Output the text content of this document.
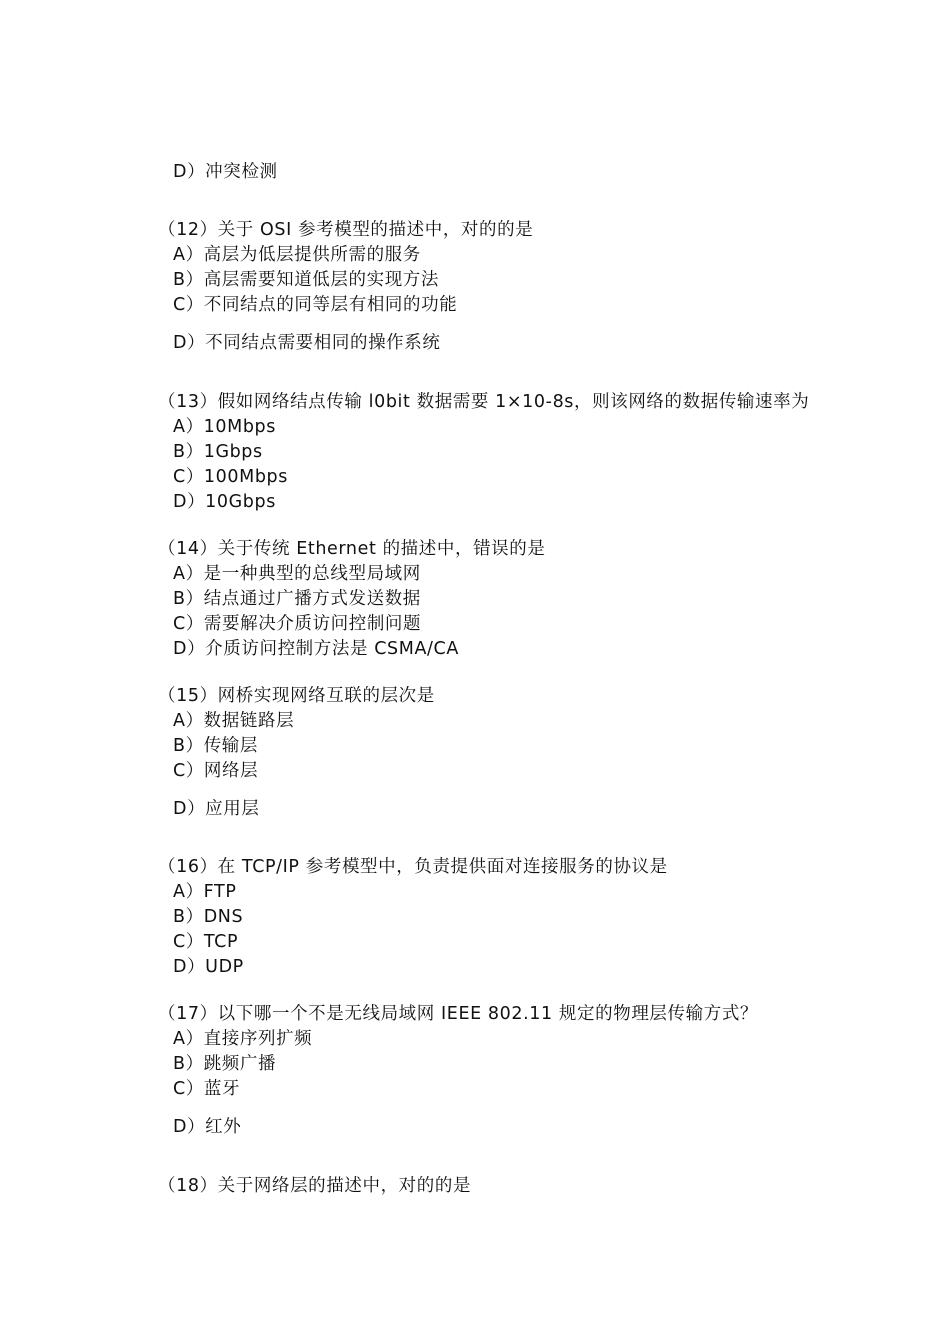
D）冲突检测
（12）关于 OSI 参考模型的描述中，对的的是
A）高层为低层提供所需的服务
B）高层需要知道低层的实现方法
C）不同结点的同等层有相同的功能
D）不同结点需要相同的操作系统
（13）假如网络结点传输 l0bit 数据需要 1×10-8s，则该网络的数据传输速率为
A）10Mbps
B）1Gbps
C）100Mbps
D）10Gbps
（14）关于传统 Ethernet 的描述中，错误的是
A）是一种典型的总线型局域网
B）结点通过广播方式发送数据
C）需要解决介质访问控制问题
D）介质访问控制方法是 CSMA/CA
（15）网桥实现网络互联的层次是
A）数据链路层
B）传输层
C）网络层
D）应用层
（16）在 TCP/IP 参考模型中，负责提供面对连接服务的协议是
A）FTP
B）DNS
C）TCP
D）UDP
（17）以下哪一个不是无线局域网 IEEE 802.11 规定的物理层传输方式？
A）直接序列扩频
B）跳频广播
C）蓝牙
D）红外
（18）关于网络层的描述中，对的的是
